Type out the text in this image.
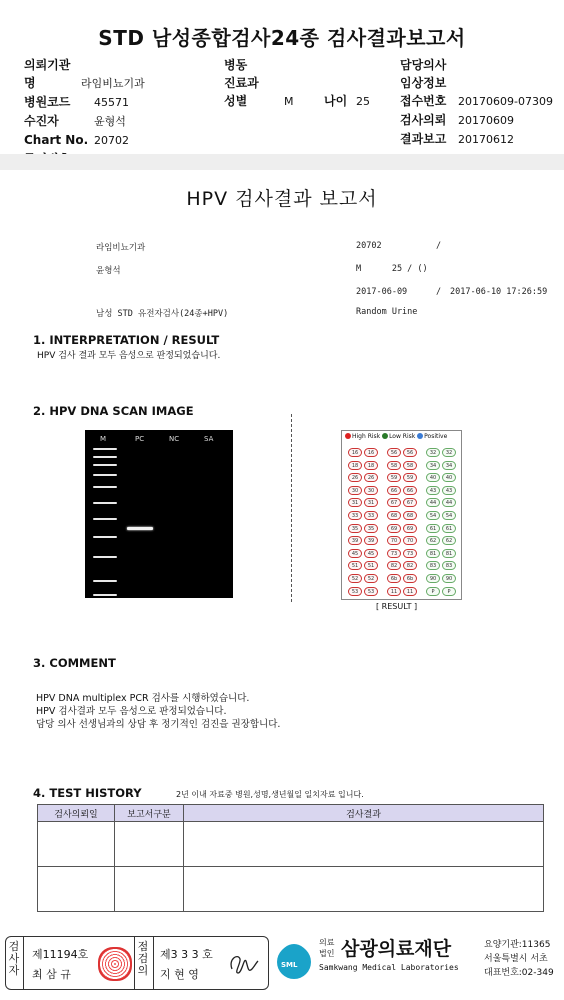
STD 남성종합검사24종 검사결과보고서
의뢰기관명	라임비뇨기과
병원코드 45571
수진자	윤형석
Chart No. 20702
병동
진료과
성별	M	나이 25
담당의사
임상정보
접수번호 20170609-07309
검사의뢰 20170609
결과보고 20170612
HPV 검사결과 보고서
라임비뇨기과	20702	/
윤형석	M      25 / ()
2017-06-09	/ 2017-06-10 17:26:59
남성 STD 유전자검사(24종+HPV)	Random Urine
1. INTERPRETATION / RESULT
HPV 검사 결과 모두 음성으로 판정되었습니다.
2. HPV DNA SCAN IMAGE
M	PC	NC	SA	High Risk Low Risk Positive
16	16	56	56	32	32
18	18	58	58	34	34
26	26	59	59	40	40
30	30	66	66	43	43
31	31	67	67	44	44
33	33	68	68	54	54
35	35	69	69	61	61
39	39	70	70	62	62
45	45	73	73	81	81
51	51	82	82	83	83
52	52	6b	6b	90	90
53	53	11	11	P	P
[ RESULT ]
3. COMMENT
HPV DNA multiplex PCR 검사를 시행하였습니다.
HPV 검사결과 모두 음성으로 판정되었습니다.
담당 의사 선생님과의 상담 후 정기적인 검진을 권장합니다.
4. TEST HISTORY	2년 이내 자료중 병원,성명,생년월일 일치자료 입니다.
검사의뢰일	보고서구분	검사결과

검사자
제11194호
최 삼 규
점검의
제3 3 3 호
지 현 영
SML
의료법인 삼광의료재단
Samkwang Medical Laboratories
요양기관:11365
서울특별시 서초
대표번호:02-349
